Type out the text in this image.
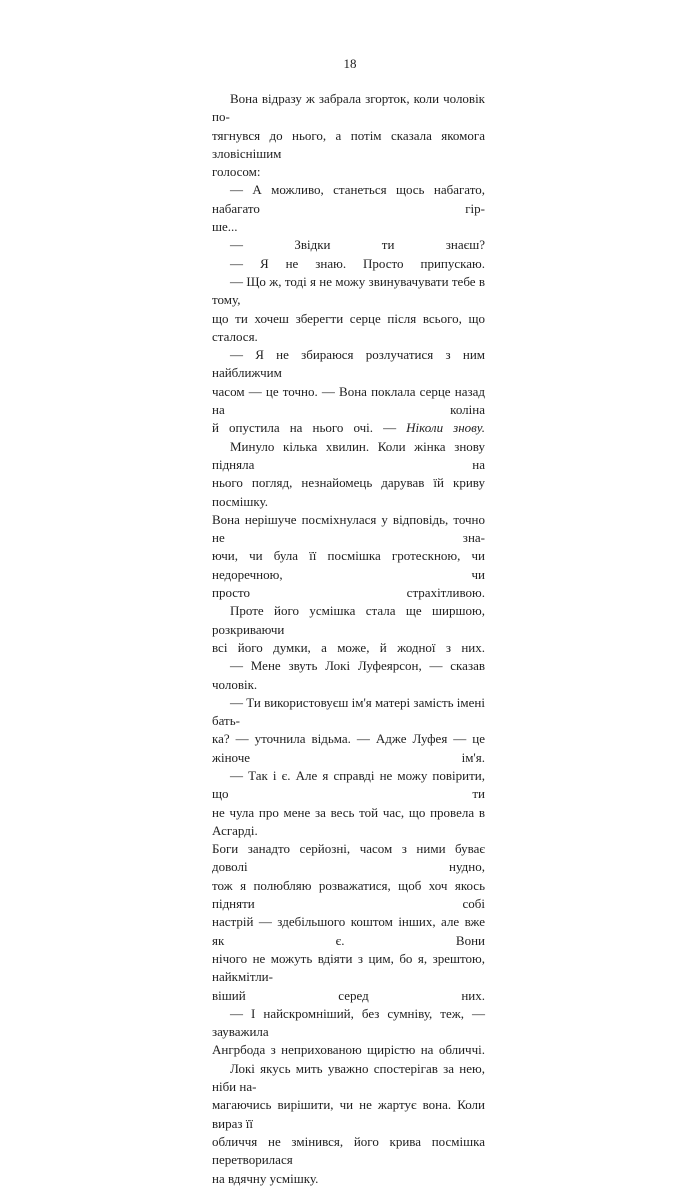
18

Вона відразу ж забрала згорток, коли чоловік по-
тягнувся до нього, а потім сказала якомога зловіснішим
голосом:

— А можливо, станеться щось набагато, набагато гір-
ше...

— Звідки ти знаєш?

— Я не знаю. Просто припускаю.

— Що ж, тоді я не можу звинувачувати тебе в тому,
що ти хочеш зберегти серце після всього, що сталося.

— Я не збираюся розлучатися з ним найближчим
часом — це точно. — Вона поклала серце назад на коліна
й опустила на нього очі. — Ніколи знову.

Минуло кілька хвилин. Коли жінка знову підняла на
нього погляд, незнайомець дарував їй криву посмішку.
Вона нерішуче посміхнулася у відповідь, точно не зна-
ючи, чи була її посмішка гротескною, чи недоречною, чи
просто страхітливою.

Проте його усмішка стала ще ширшою, розкриваючи
всі його думки, а може, й жодної з них.

— Мене звуть Локі Луфеярсон, — сказав чоловік.

— Ти використовуєш ім'я матері замість імені бать-
ка? — уточнила відьма. — Адже Луфея — це жіноче ім'я.

— Так і є. Але я справді не можу повірити, що ти
не чула про мене за весь той час, що провела в Асгарді.
Боги занадто серйозні, часом з ними буває доволі нудно,
тож я полюбляю розважатися, щоб хоч якось підняти собі
настрій — здебільшого коштом інших, але вже як є. Вони
нічого не можуть вдіяти з цим, бо я, зрештою, найкмітли-
віший серед них.

— І найскромніший, без сумніву, теж, — зауважила
Ангрбода з неприхованою щирістю на обличчі.

Локі якусь мить уважно спостерігав за нею, ніби на-
магаючись вирішити, чи не жартує вона. Коли вираз її
обличчя не змінився, його крива посмішка перетворилася
на вдячну усмішку.
